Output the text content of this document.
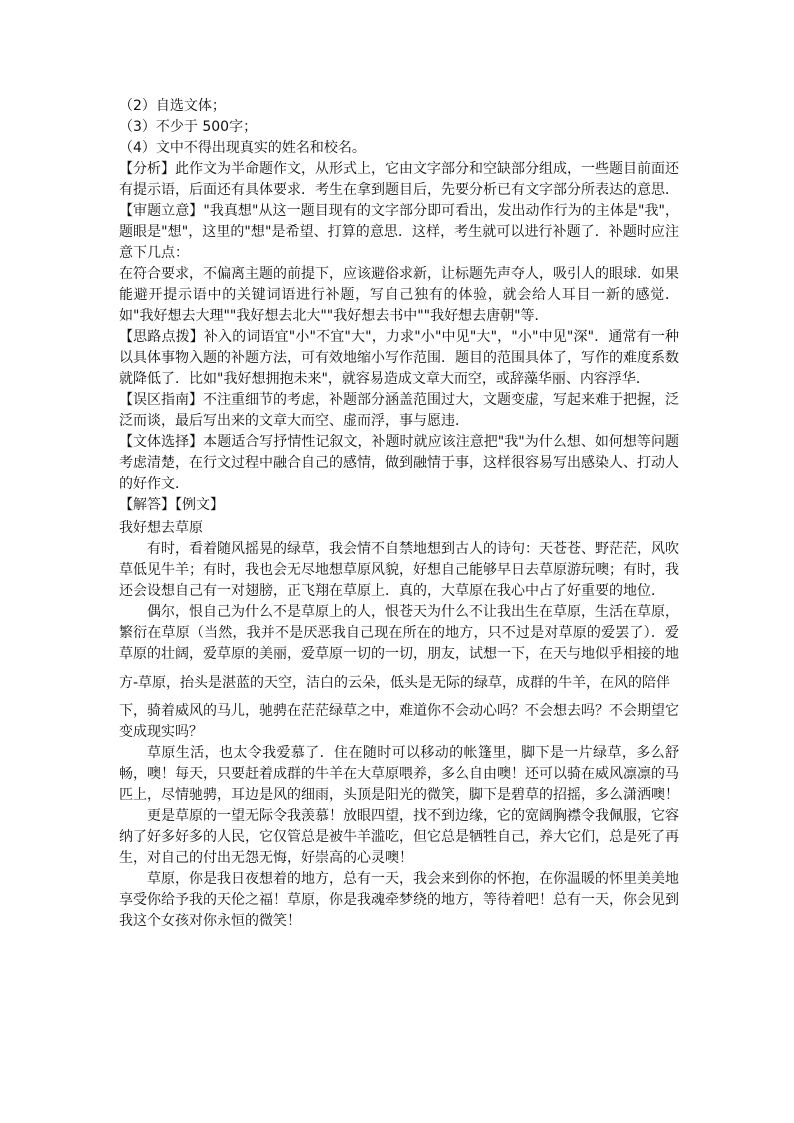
（2）自选文体；

（3）不少于 500字；

（4）文中不得出现真实的姓名和校名。

【分析】此作文为半命题作文，从形式上，它由文字部分和空缺部分组成，一些题目前面还有提示语，后面还有具体要求．考生在拿到题目后，先要分析已有文字部分所表达的意思．

【审题立意】"我真想"从这一题目现有的文字部分即可看出，发出动作行为的主体是"我"，题眼是"想"，这里的"想"是希望、打算的意思．这样，考生就可以进行补题了．补题时应注意下几点：

在符合要求，不偏离主题的前提下，应该避俗求新，让标题先声夺人，吸引人的眼球．如果能避开提示语中的关键词语进行补题，写自己独有的体验，就会给人耳目一新的感觉．如"我好想去大理""我好想去北大""我好想去书中""我好想去唐朝"等．

【思路点拨】补入的词语宜"小"不宜"大"，力求"小"中见"大"，"小"中见"深"．通常有一种以具体事物入题的补题方法，可有效地缩小写作范围．题目的范围具体了，写作的难度系数就降低了．比如"我好想拥抱未来"，就容易造成文章大而空，或辞藻华丽、内容浮华．

【误区指南】不注重细节的考虑，补题部分涵盖范围过大，文题变虚，写起来难于把握，泛泛而谈，最后写出来的文章大而空、虚而浮，事与愿违．

【文体选择】本题适合写抒情性记叙文，补题时就应该注意把"我"为什么想、如何想等问题考虑清楚，在行文过程中融合自己的感情，做到融情于事，这样很容易写出感染人、打动人的好作文．

【解答】【例文】

我好想去草原

有时，看着随风摇晃的绿草，我会情不自禁地想到古人的诗句：天苍苍、野茫茫，风吹草低见牛羊；有时，我也会无尽地想草原风貌，好想自己能够早日去草原游玩噢；有时，我还会设想自己有一对翅膀，正飞翔在草原上．真的，大草原在我心中占了好重要的地位．

偶尔，恨自己为什么不是草原上的人，恨苍天为什么不让我出生在草原，生活在草原，繁衍在草原（当然，我并不是厌恶我自己现在所在的地方，只不过是对草原的爱罢了）．爱草原的壮阔，爱草原的美丽，爱草原一切的一切，朋友，试想一下，在天与地似乎相接的地

方-草原，抬头是湛蓝的天空，洁白的云朵，低头是无际的绿草，成群的牛羊，在风的陪伴

下，骑着威风的马儿，驰骋在茫茫绿草之中，难道你不会动心吗？不会想去吗？不会期望它变成现实吗？

草原生活，也太令我爱慕了．住在随时可以移动的帐篷里，脚下是一片绿草，多么舒畅，噢！每天，只要赶着成群的牛羊在大草原喂养，多么自由噢！还可以骑在威风凛凛的马匹上，尽情驰骋，耳边是风的细雨，头顶是阳光的微笑，脚下是碧草的招摇，多么潇洒噢！

更是草原的一望无际令我羡慕！放眼四望，找不到边缘，它的宽阔胸襟令我佩服，它容纳了好多好多的人民，它仅管总是被牛羊滥吃，但它总是牺牲自己，养大它们，总是死了再生，对自己的付出无怨无悔，好崇高的心灵噢！

草原，你是我日夜想着的地方，总有一天，我会来到你的怀抱，在你温暖的怀里美美地享受你给予我的天伦之福！草原，你是我魂牵梦绕的地方，等待着吧！总有一天，你会见到我这个女孩对你永恒的微笑！
